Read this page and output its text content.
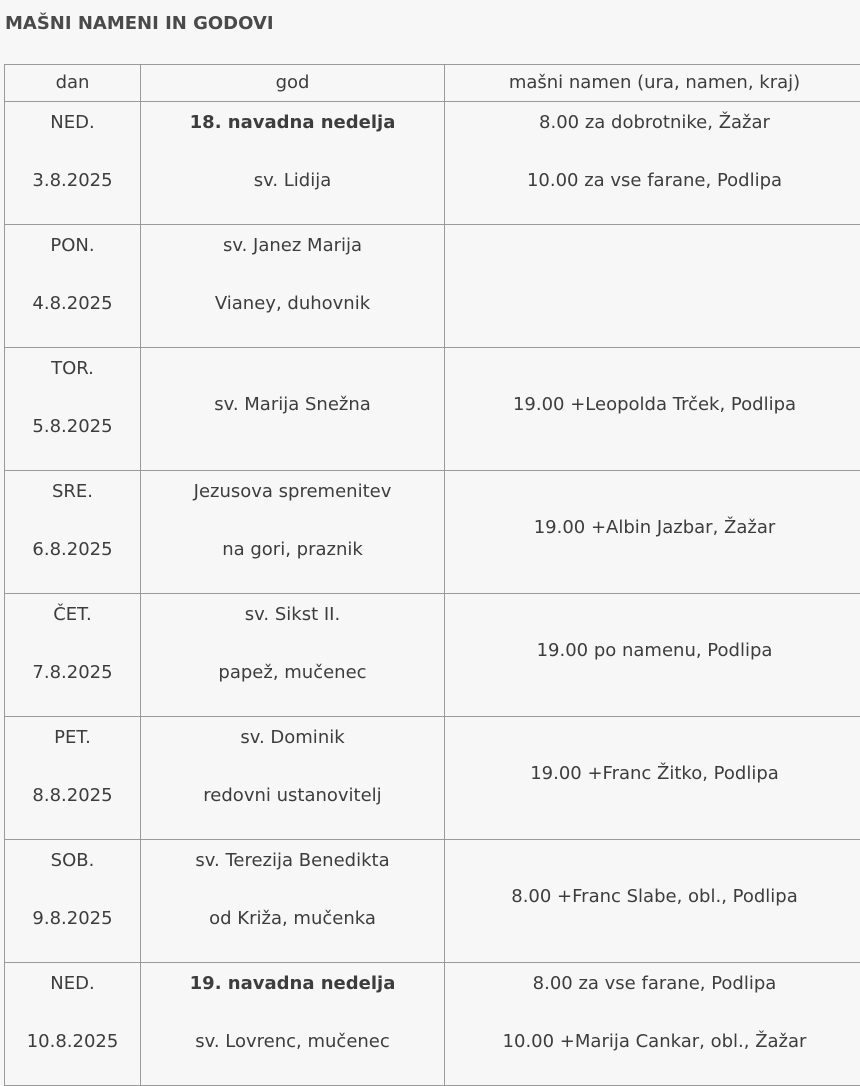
MAŠNI NAMENI IN GODOVI
dan	god	mašni namen (ura, namen, kraj)

NED.
3.8.2025	18. navadna nedelja
sv. Lidija	8.00 za dobrotnike, Žažar
10.00 za vse farane, Podlipa

PON.
4.8.2025	sv. Janez Marija
Vianey, duhovnik	

TOR.
5.8.2025	sv. Marija Snežna	19.00 +Leopolda Trček, Podlipa

SRE.
6.8.2025	Jezusova spremenitev
na gori, praznik	19.00 +Albin Jazbar, Žažar

ČET.
7.8.2025	sv. Sikst II.
papež, mučenec	19.00 po namenu, Podlipa

PET.
8.8.2025	sv. Dominik
redovni ustanovitelj	19.00 +Franc Žitko, Podlipa

SOB.
9.8.2025	sv. Terezija Benedikta
od Križa, mučenka	8.00 +Franc Slabe, obl., Podlipa

NED.
10.8.2025	19. navadna nedelja
sv. Lovrenc, mučenec	8.00 za vse farane, Podlipa
10.00 +Marija Cankar, obl., Žažar
